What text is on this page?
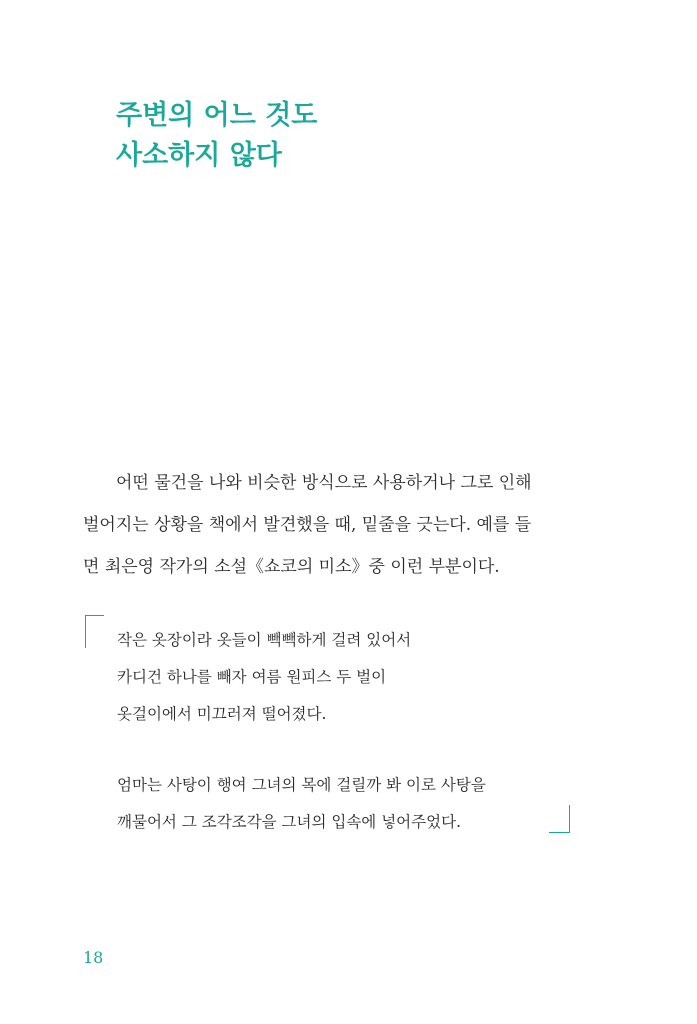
주변의 어느 것도
사소하지 않다
어떤 물건을 나와 비슷한 방식으로 사용하거나 그로 인해
벌어지는 상황을 책에서 발견했을 때, 밑줄을 긋는다. 예를 들
면 최은영 작가의 소설《쇼코의 미소》중 이런 부분이다.
작은 옷장이라 옷들이 빽빽하게 걸려 있어서
카디건 하나를 빼자 여름 원피스 두 벌이
옷걸이에서 미끄러져 떨어졌다.
엄마는 사탕이 행여 그녀의 목에 걸릴까 봐 이로 사탕을
깨물어서 그 조각조각을 그녀의 입속에 넣어주었다.
18
